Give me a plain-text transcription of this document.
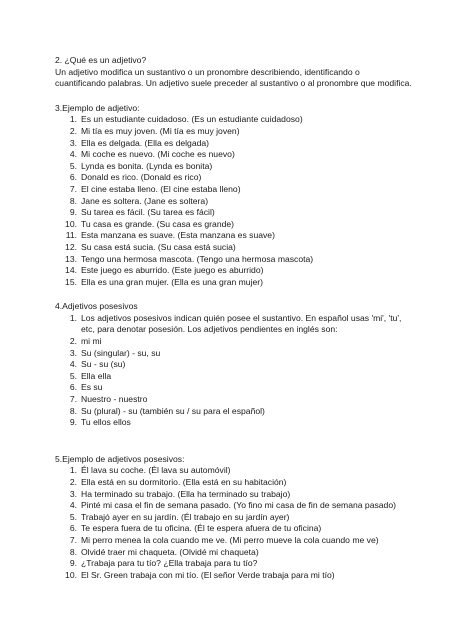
2. ¿Qué es un adjetivo?

Un adjetivo modifica un sustantivo o un pronombre describiendo, identificando o cuantificando palabras. Un adjetivo suele preceder al sustantivo o al pronombre que modifica.

3.Ejemplo de adjetivo:

1. Es un estudiante cuidadoso. (Es un estudiante cuidadoso)
2. Mi tía es muy joven. (Mi tía es muy joven)
3. Ella es delgada. (Ella es delgada)
4. Mi coche es nuevo. (Mi coche es nuevo)
5. Lynda es bonita. (Lynda es bonita)
6. Donald es rico. (Donald es rico)
7. El cine estaba lleno. (El cine estaba lleno)
8. Jane es soltera. (Jane es soltera)
9. Su tarea es fácil. (Su tarea es fácil)
10. Tu casa es grande. (Su casa es grande)
11. Esta manzana es suave. (Esta manzana es suave)
12. Su casa está sucia. (Su casa está sucia)
13. Tengo una hermosa mascota. (Tengo una hermosa mascota)
14. Este juego es aburrido. (Este juego es aburrido)
15. Ella es una gran mujer. (Ella es una gran mujer)

4.Adjetivos posesivos

1. Los adjetivos posesivos indican quién posee el sustantivo. En español usas 'mi', 'tu', etc, para denotar posesión. Los adjetivos pendientes en inglés son:
2. mi mi
3. Su (singular) - su, su
4. Su - su (su)
5. Ella ella
6. Es su
7. Nuestro - nuestro
8. Su (plural) - su (también su / su para el español)
9. Tu ellos ellos

5.Ejemplo de adjetivos posesivos:

1. Él lava su coche. (Él lava su automóvil)
2. Ella está en su dormitorio. (Ella está en su habitación)
3. Ha terminado su trabajo. (Ella ha terminado su trabajo)
4. Pinté mi casa el fin de semana pasado. (Yo fino mi casa de fin de semana pasado)
5. Trabajó ayer en su jardín. (Él trabajo en su jardín ayer)
6. Te espera fuera de tu oficina. (Él te espera afuera de tu oficina)
7. Mi perro menea la cola cuando me ve. (Mi perro mueve la cola cuando me ve)
8. Olvidé traer mi chaqueta. (Olvidé mi chaqueta)
9. ¿Trabaja para tu tío? ¿Ella trabaja para tu tío?
10. El Sr. Green trabaja con mi tío. (El señor Verde trabaja para mi tío)
